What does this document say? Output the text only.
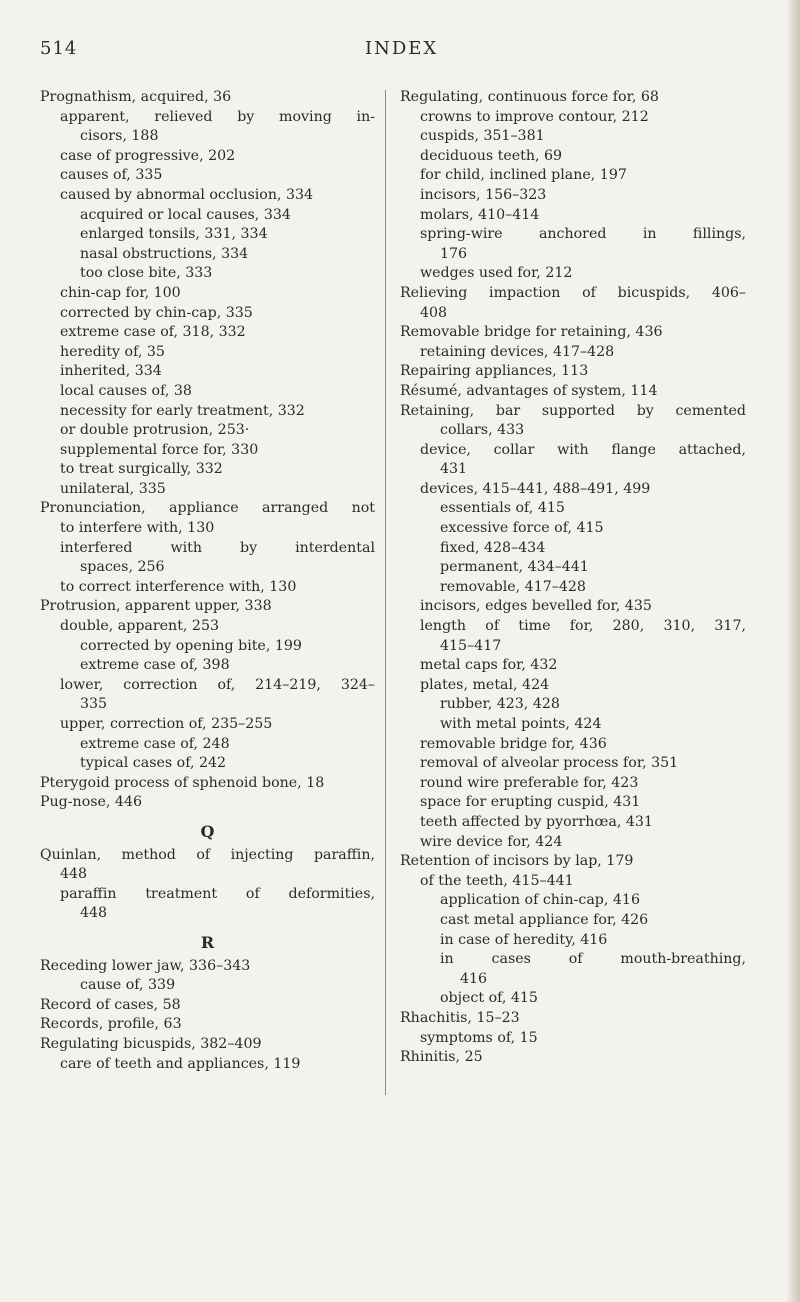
514	INDEX
Prognathism, acquired, 36
apparent, relieved by moving in-
cisors, 188
case of progressive, 202
causes of, 335
caused by abnormal occlusion, 334
acquired or local causes, 334
enlarged tonsils, 331, 334
nasal obstructions, 334
too close bite, 333
chin-cap for, 100
corrected by chin-cap, 335
extreme case of, 318, 332
heredity of, 35
inherited, 334
local causes of, 38
necessity for early treatment, 332
or double protrusion, 253·
supplemental force for, 330
to treat surgically, 332
unilateral, 335
Pronunciation, appliance arranged not
to interfere with, 130
interfered with by interdental
spaces, 256
to correct interference with, 130
Protrusion, apparent upper, 338
double, apparent, 253
corrected by opening bite, 199
extreme case of, 398
lower, correction of, 214–219, 324–
335
upper, correction of, 235–255
extreme case of, 248
typical cases of, 242
Pterygoid process of sphenoid bone, 18
Pug-nose, 446
Q
Quinlan, method of injecting paraffin,
448
paraffin treatment of deformities,
448
R
Receding lower jaw, 336–343
cause of, 339
Record of cases, 58
Records, profile, 63
Regulating bicuspids, 382–409
care of teeth and appliances, 119
Regulating, continuous force for, 68
crowns to improve contour, 212
cuspids, 351–381
deciduous teeth, 69
for child, inclined plane, 197
incisors, 156–323
molars, 410–414
spring-wire anchored in fillings,
176
wedges used for, 212
Relieving impaction of bicuspids, 406–
408
Removable bridge for retaining, 436
retaining devices, 417–428
Repairing appliances, 113
Résumé, advantages of system, 114
Retaining, bar supported by cemented
collars, 433
device, collar with flange attached,
431
devices, 415–441, 488–491, 499
essentials of, 415
excessive force of, 415
fixed, 428–434
permanent, 434–441
removable, 417–428
incisors, edges bevelled for, 435
length of time for, 280, 310, 317,
415–417
metal caps for, 432
plates, metal, 424
rubber, 423, 428
with metal points, 424
removable bridge for, 436
removal of alveolar process for, 351
round wire preferable for, 423
space for erupting cuspid, 431
teeth affected by pyorrhœa, 431
wire device for, 424
Retention of incisors by lap, 179
of the teeth, 415–441
application of chin-cap, 416
cast metal appliance for, 426
in case of heredity, 416
in cases of mouth-breathing,
416
object of, 415
Rhachitis, 15–23
symptoms of, 15
Rhinitis, 25
